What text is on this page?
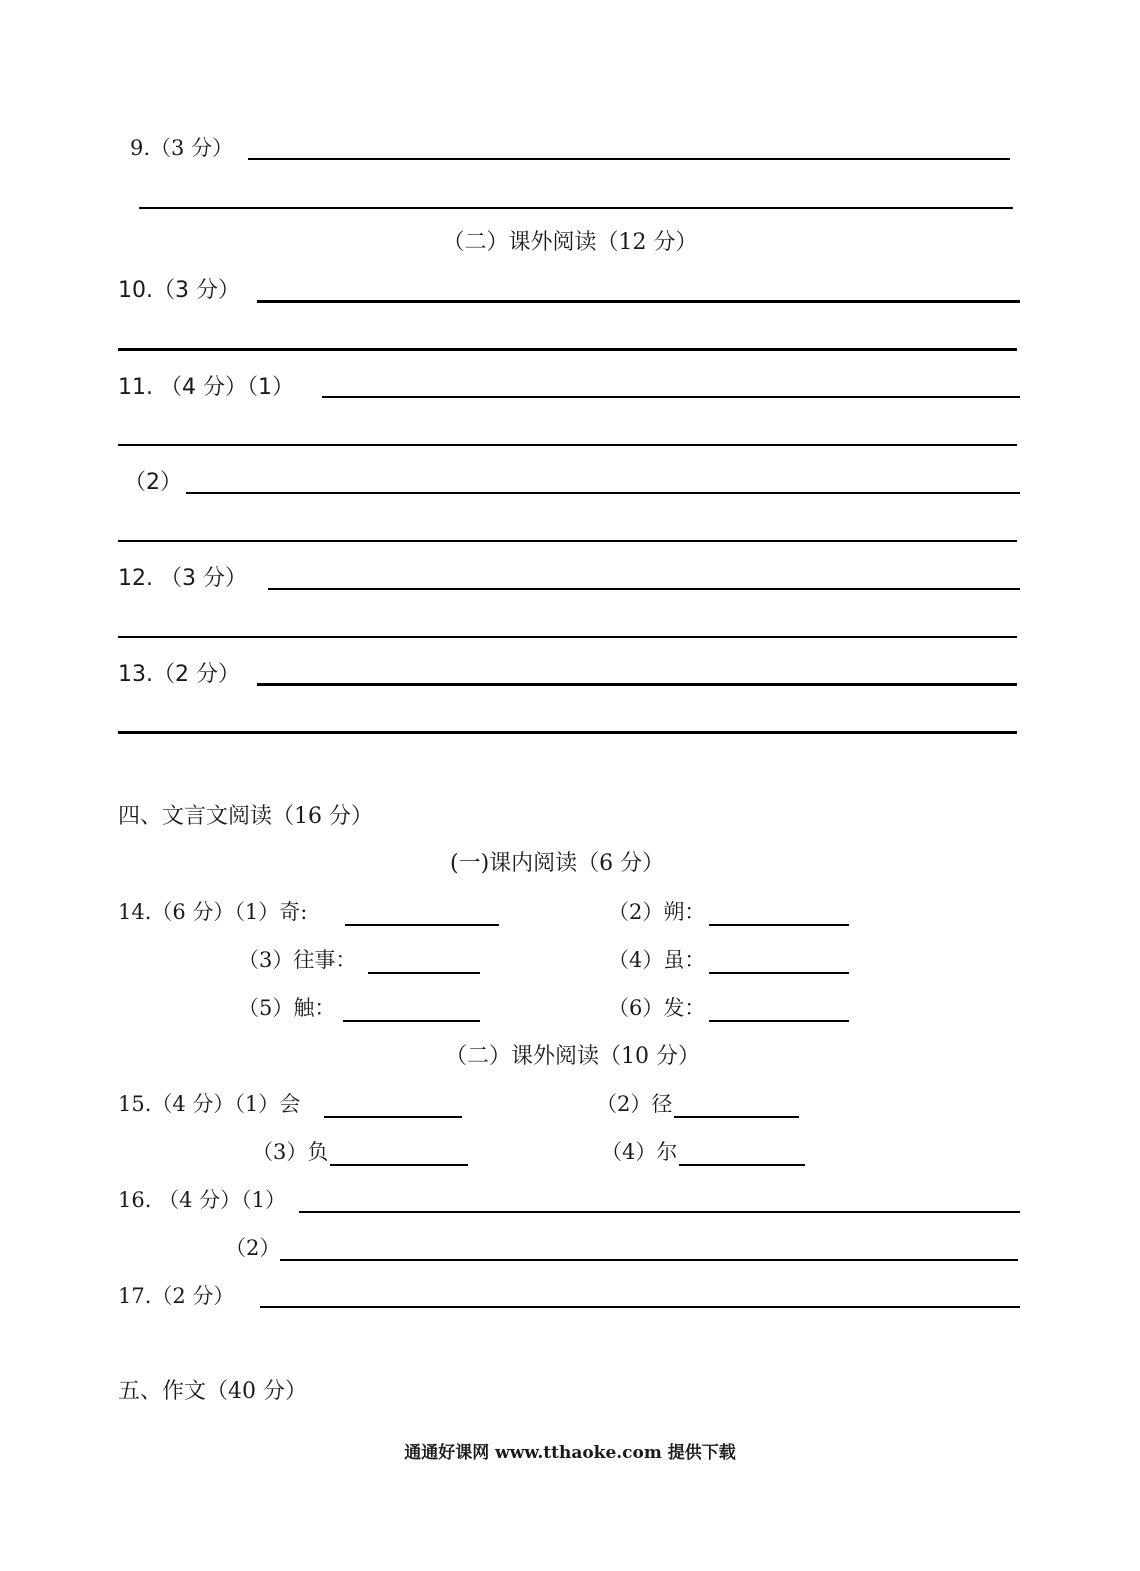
9.（3 分）
（二）课外阅读（12 分）
10.（3 分）
11. （4 分）（1）
（2）
12. （3 分）
13.（2 分）
四、文言文阅读（16 分）
(一)课内阅读（6 分）
14.（6 分）（1）奇:	（2）朔：
（3）往事：	（4）虽：
（5）触：	（6）发：
（二）课外阅读（10 分）
15.（4 分）（1）会	（2）径
（3）负	（4）尔
16. （4 分）（1）
（2）
17.（2 分）
五、作文（40 分）
通通好课网 www.tthaoke.com 提供下载
